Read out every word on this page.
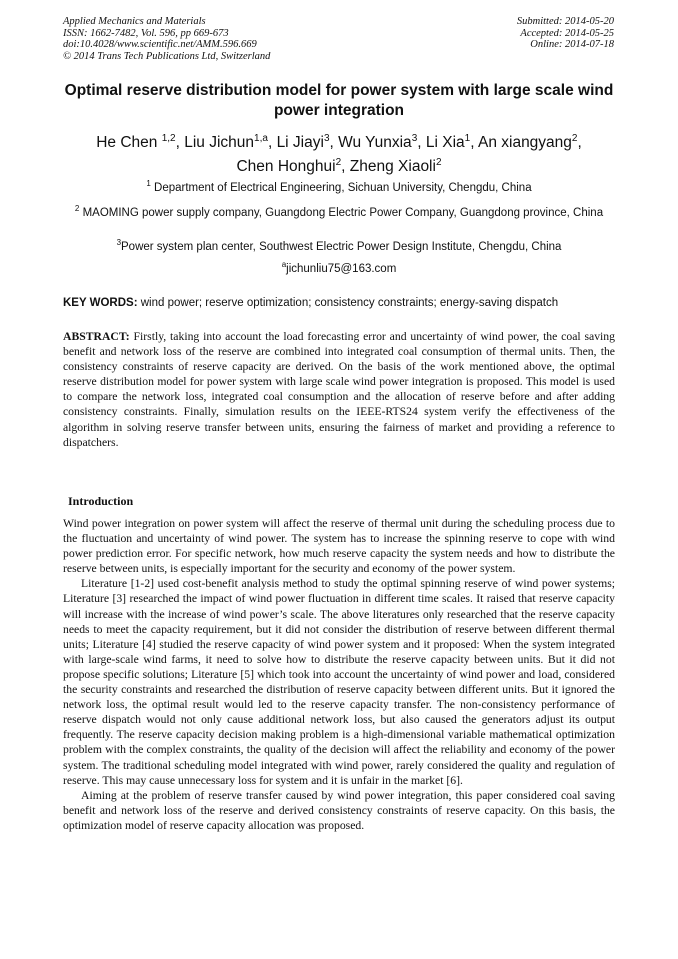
Applied Mechanics and Materials
ISSN: 1662-7482, Vol. 596, pp 669-673
doi:10.4028/www.scientific.net/AMM.596.669
© 2014 Trans Tech Publications Ltd, Switzerland
Submitted: 2014-05-20
Accepted: 2014-05-25
Online: 2014-07-18
Optimal reserve distribution model for power system with large scale wind power integration
He Chen $^{1,2}$, Liu Jichun$^{1,a}$, Li Jiayi$^3$, Wu Yunxia$^3$, Li Xia$^1$, An xiangyang$^2$,
Chen Honghui$^2$, Zheng Xiaoli$^2$
$^1$ Department of Electrical Engineering, Sichuan University, Chengdu, China
$^2$ MAOMING power supply company, Guangdong Electric Power Company, Guangdong province, China
$^3$Power system plan center, Southwest Electric Power Design Institute, Chengdu, China
$^a$jichunliu75@163.com
KEY WORDS: wind power; reserve optimization; consistency constraints; energy-saving dispatch
ABSTRACT: Firstly, taking into account the load forecasting error and uncertainty of wind power, the coal saving benefit and network loss of the reserve are combined into integrated coal consumption of thermal units. Then, the consistency constraints of reserve capacity are derived. On the basis of the work mentioned above, the optimal reserve distribution model for power system with large scale wind power integration is proposed. This model is used to compare the network loss, integrated coal consumption and the allocation of reserve before and after adding consistency constraints. Finally, simulation results on the IEEE-RTS24 system verify the effectiveness of the algorithm in solving reserve transfer between units, ensuring the fairness of market and providing a reference to dispatchers.
Introduction

Wind power integration on power system will affect the reserve of thermal unit during the scheduling process due to the fluctuation and uncertainty of wind power. The system has to increase the spinning reserve to cope with wind power prediction error. For specific network, how much reserve capacity the system needs and how to distribute the reserve between units, is especially important for the security and economy of the power system.

Literature [1-2] used cost-benefit analysis method to study the optimal spinning reserve of wind power systems; Literature [3] researched the impact of wind power fluctuation in different time scales. It raised that reserve capacity will increase with the increase of wind power’s scale. The above literatures only researched that the reserve capacity needs to meet the capacity requirement, but it did not consider the distribution of reserve between different thermal units; Literature [4] studied the reserve capacity of wind power system and it proposed: When the system integrated with large-scale wind farms, it need to solve how to distribute the reserve capacity between units. But it did not propose specific solutions; Literature [5] which took into account the uncertainty of wind power and load, considered the security constraints and researched the distribution of reserve capacity between different units. But it ignored the network loss, the optimal result would led to the reserve capacity transfer. The non-consistency performance of reserve dispatch would not only cause additional network loss, but also caused the generators adjust its output frequently. The reserve capacity decision making problem is a high-dimensional variable mathematical optimization problem with the complex constraints, the quality of the decision will affect the reliability and economy of the power system. The traditional scheduling model integrated with wind power, rarely considered the quality and regulation of reserve. This may cause unnecessary loss for system and it is unfair in the market [6].

Aiming at the problem of reserve transfer caused by wind power integration, this paper considered coal saving benefit and network loss of the reserve and derived consistency constraints of reserve capacity. On this basis, the optimization model of reserve capacity allocation was proposed.
